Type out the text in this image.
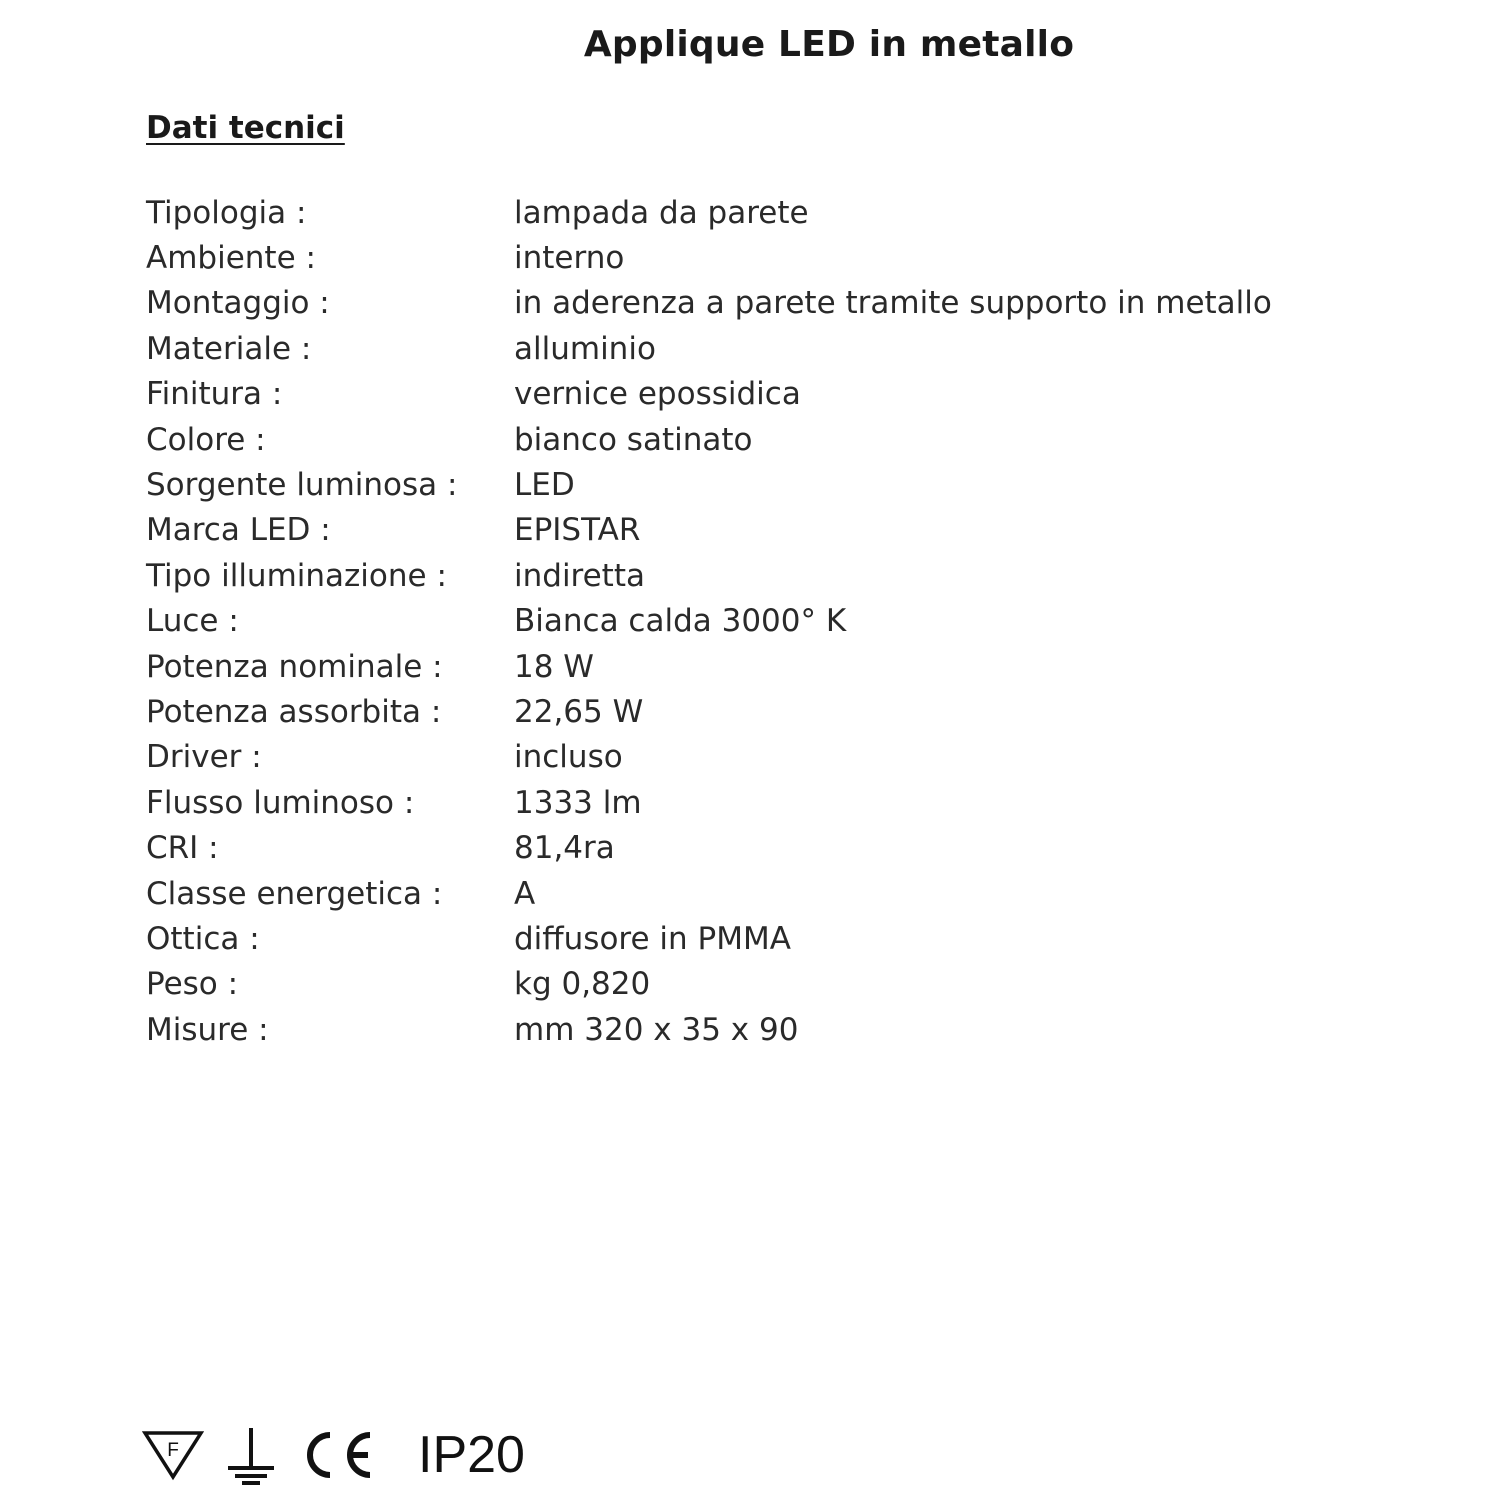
Applique LED in metallo
Dati tecnici
Tipologia :	lampada da parete
Ambiente :	interno
Montaggio :	in aderenza a parete tramite supporto in metallo
Materiale :	alluminio
Finitura :	vernice epossidica
Colore :	bianco satinato
Sorgente luminosa :	LED
Marca LED :	EPISTAR
Tipo illuminazione :	indiretta
Luce :	Bianca calda 3000° K
Potenza nominale :	18 W
Potenza assorbita :	22,65 W
Driver :	incluso
Flusso luminoso :	1333 lm
CRI :	81,4ra
Classe energetica :	A
Ottica :	diffusore in PMMA
Peso :	kg 0,820
Misure :	mm 320 x 35 x 90
F	IP20
